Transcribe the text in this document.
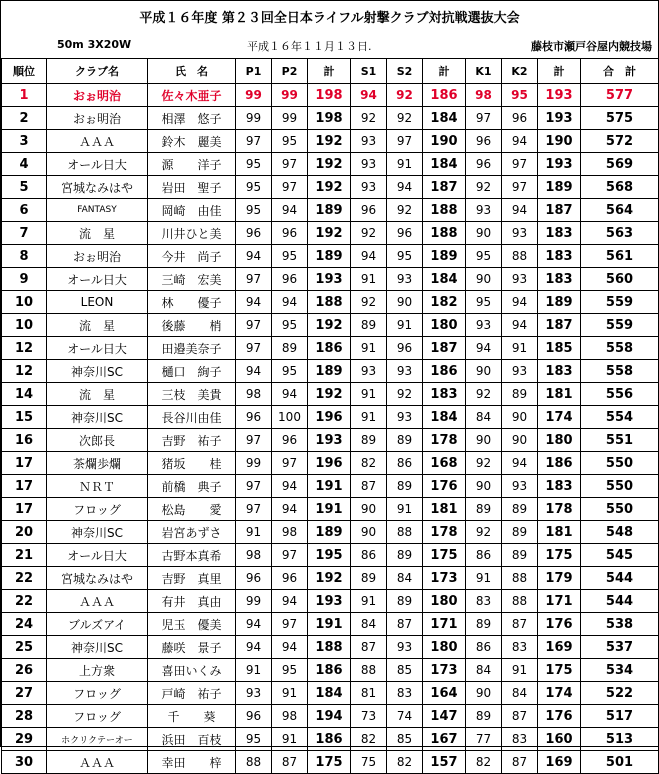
平成１６年度 第２３回全日本ライフル射撃クラブ対抗戦選抜大会
50m 3X20W	平成１６年１１月１３日.	藤枝市瀬戸谷屋内競技場
順位	クラブ名	氏　名	P1	P2	計	S1	S2	計	K1	K2	計	合　計
1	おぉ明治	佐々木亜子	99	99	198	94	92	186	98	95	193	577
2	おぉ明治	相澤　悠子	99	99	198	92	92	184	97	96	193	575
3	ＡＡＡ	鈴木　麗美	97	95	192	93	97	190	96	94	190	572
4	オール日大	源　　洋子	95	97	192	93	91	184	96	97	193	569
5	宮城なみはや	岩田　聖子	95	97	192	93	94	187	92	97	189	568
6	FANTASY	岡崎　由佳	95	94	189	96	92	188	93	94	187	564
7	流　星	川井ひと美	96	96	192	92	96	188	90	93	183	563
8	おぉ明治	今井　尚子	94	95	189	94	95	189	95	88	183	561
9	オール日大	三崎　宏美	97	96	193	91	93	184	90	93	183	560
10	LEON	林　　優子	94	94	188	92	90	182	95	94	189	559
10	流　星	後藤　　梢	97	95	192	89	91	180	93	94	187	559
12	オール日大	田邉美奈子	97	89	186	91	96	187	94	91	185	558
12	神奈川SC	樋口　絢子	94	95	189	93	93	186	90	93	183	558
14	流　星	三枝　美貴	98	94	192	91	92	183	92	89	181	556
15	神奈川SC	長谷川由佳	96	100	196	91	93	184	84	90	174	554
16	次郎長	吉野　祐子	97	96	193	89	89	178	90	90	180	551
17	茶爛歩爛	猪坂　　桂	99	97	196	82	86	168	92	94	186	550
17	ＮＲＴ	前橋　典子	97	94	191	87	89	176	90	93	183	550
17	フロッグ	松島　　愛	97	94	191	90	91	181	89	89	178	550
20	神奈川SC	岩宮あずさ	91	98	189	90	88	178	92	89	181	548
21	オール日大	古野本真希	98	97	195	86	89	175	86	89	175	545
22	宮城なみはや	吉野　真里	96	96	192	89	84	173	91	88	179	544
22	ＡＡＡ	有井　真由	99	94	193	91	89	180	83	88	171	544
24	ブルズアイ	児玉　優美	94	97	191	84	87	171	89	87	176	538
25	神奈川SC	藤咲　景子	94	94	188	87	93	180	86	83	169	537
26	上方衆	喜田いくみ	91	95	186	88	85	173	84	91	175	534
27	フロッグ	戸崎　祐子	93	91	184	81	83	164	90	84	174	522
28	フロッグ	千　　葵	96	98	194	73	74	147	89	87	176	517
29	ホクリクテーオー	浜田　百枝	95	91	186	82	85	167	77	83	160	513
30	ＡＡＡ	幸田　　梓	88	87	175	75	82	157	82	87	169	501
